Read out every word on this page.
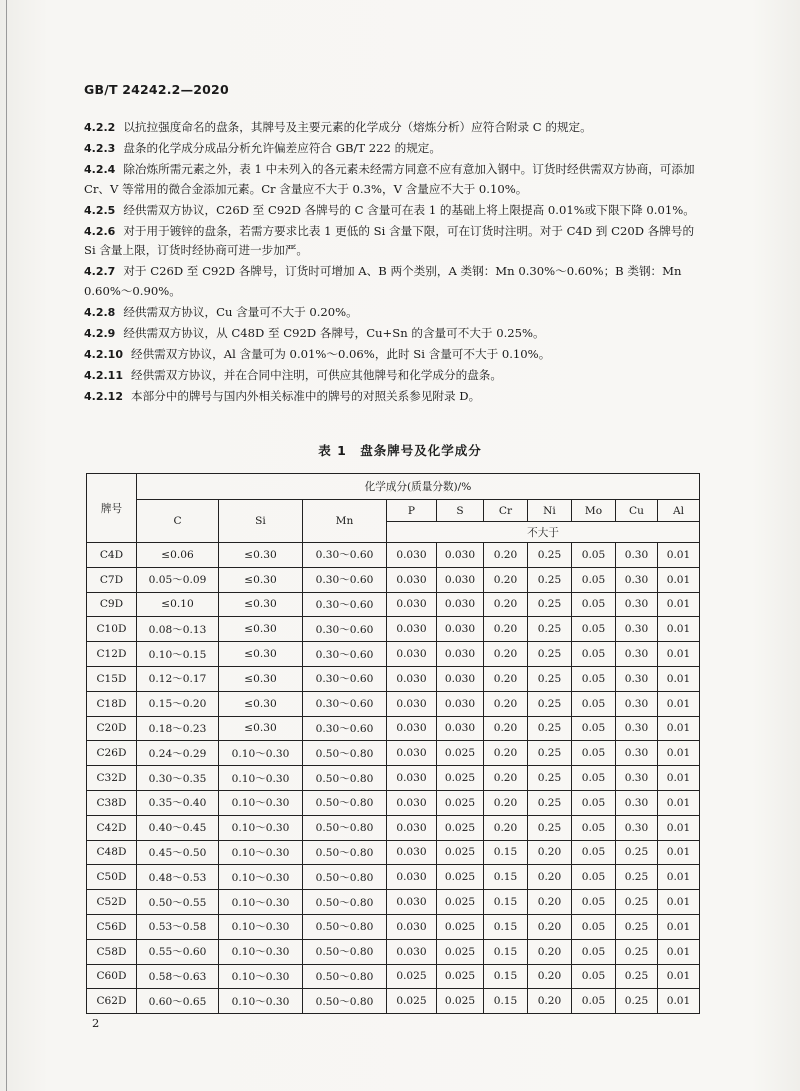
GB/T 24242.2—2020

4.2.2 以抗拉强度命名的盘条，其牌号及主要元素的化学成分（熔炼分析）应符合附录 C 的规定。

4.2.3 盘条的化学成分成品分析允许偏差应符合 GB/T 222 的规定。

4.2.4 除冶炼所需元素之外，表 1 中未列入的各元素未经需方同意不应有意加入钢中。订货时经供需双方协商，可添加 Cr、V 等常用的微合金添加元素。Cr 含量应不大于 0.3%，V 含量应不大于 0.10%。

4.2.5 经供需双方协议，C26D 至 C92D 各牌号的 C 含量可在表 1 的基础上将上限提高 0.01%或下限下降 0.01%。

4.2.6 对于用于镀锌的盘条，若需方要求比表 1 更低的 Si 含量下限，可在订货时注明。对于 C4D 到 C20D 各牌号的 Si 含量上限，订货时经协商可进一步加严。

4.2.7 对于 C26D 至 C92D 各牌号，订货时可增加 A、B 两个类别，A 类钢：Mn 0.30%～0.60%；B 类钢：Mn 0.60%～0.90%。

4.2.8 经供需双方协议，Cu 含量可不大于 0.20%。

4.2.9 经供需双方协议，从 C48D 至 C92D 各牌号，Cu+Sn 的含量可不大于 0.25%。

4.2.10 经供需双方协议，Al 含量可为 0.01%～0.06%，此时 Si 含量可不大于 0.10%。

4.2.11 经供需双方协议，并在合同中注明，可供应其他牌号和化学成分的盘条。

4.2.12 本部分中的牌号与国内外相关标准中的牌号的对照关系参见附录 D。

表 1　盘条牌号及化学成分
牌号	化学成分(质量分数)/%									
	C	Si	Mn	P	S	Cr	Ni	Mo	Cu	Al
				不大于						
C4D	≤0.06	≤0.30	0.30～0.60	0.030	0.030	0.20	0.25	0.05	0.30	0.01
C7D	0.05～0.09	≤0.30	0.30～0.60	0.030	0.030	0.20	0.25	0.05	0.30	0.01
C9D	≤0.10	≤0.30	0.30～0.60	0.030	0.030	0.20	0.25	0.05	0.30	0.01
C10D	0.08～0.13	≤0.30	0.30～0.60	0.030	0.030	0.20	0.25	0.05	0.30	0.01
C12D	0.10～0.15	≤0.30	0.30～0.60	0.030	0.030	0.20	0.25	0.05	0.30	0.01
C15D	0.12～0.17	≤0.30	0.30～0.60	0.030	0.030	0.20	0.25	0.05	0.30	0.01
C18D	0.15～0.20	≤0.30	0.30～0.60	0.030	0.030	0.20	0.25	0.05	0.30	0.01
C20D	0.18～0.23	≤0.30	0.30～0.60	0.030	0.030	0.20	0.25	0.05	0.30	0.01
C26D	0.24～0.29	0.10～0.30	0.50～0.80	0.030	0.025	0.20	0.25	0.05	0.30	0.01
C32D	0.30～0.35	0.10～0.30	0.50～0.80	0.030	0.025	0.20	0.25	0.05	0.30	0.01
C38D	0.35～0.40	0.10～0.30	0.50～0.80	0.030	0.025	0.20	0.25	0.05	0.30	0.01
C42D	0.40～0.45	0.10～0.30	0.50～0.80	0.030	0.025	0.20	0.25	0.05	0.30	0.01
C48D	0.45～0.50	0.10～0.30	0.50～0.80	0.030	0.025	0.15	0.20	0.05	0.25	0.01
C50D	0.48～0.53	0.10～0.30	0.50～0.80	0.030	0.025	0.15	0.20	0.05	0.25	0.01
C52D	0.50～0.55	0.10～0.30	0.50～0.80	0.030	0.025	0.15	0.20	0.05	0.25	0.01
C56D	0.53～0.58	0.10～0.30	0.50～0.80	0.030	0.025	0.15	0.20	0.05	0.25	0.01
C58D	0.55～0.60	0.10～0.30	0.50～0.80	0.030	0.025	0.15	0.20	0.05	0.25	0.01
C60D	0.58～0.63	0.10～0.30	0.50～0.80	0.025	0.025	0.15	0.20	0.05	0.25	0.01
C62D	0.60～0.65	0.10～0.30	0.50～0.80	0.025	0.025	0.15	0.20	0.05	0.25	0.01
2
